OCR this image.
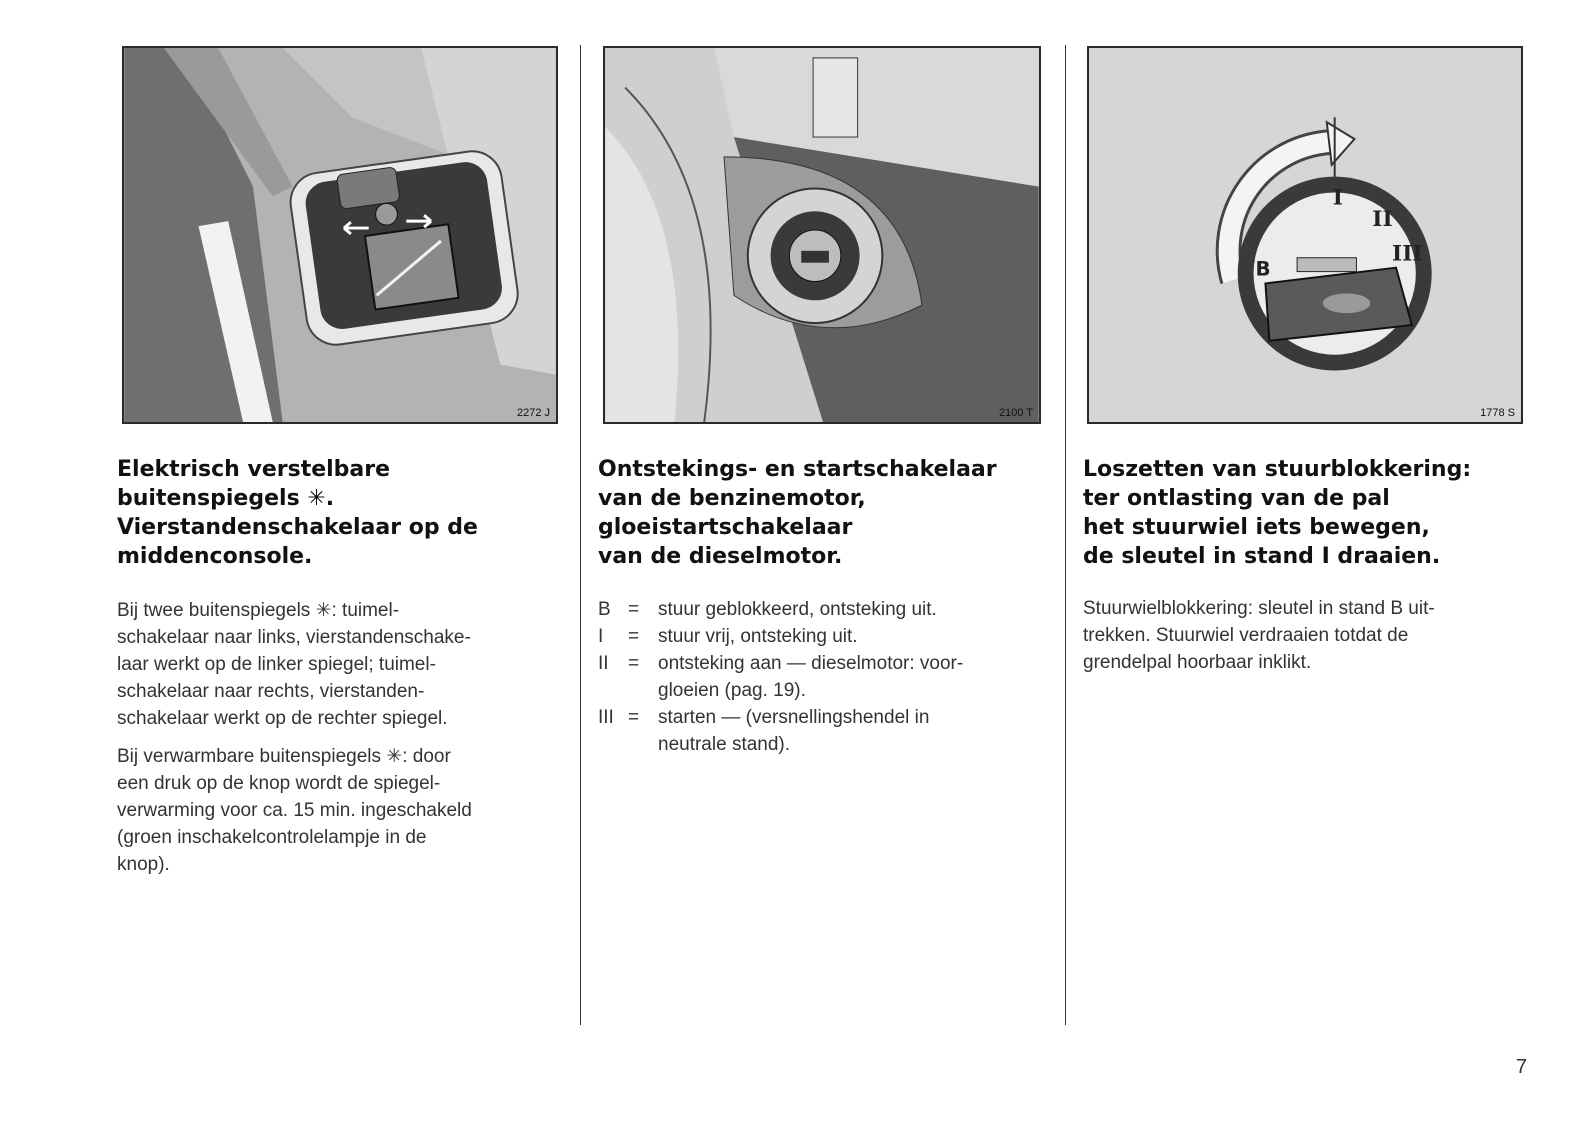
2272 J	2100 T
I
II
III
B
1778 S
Elektrisch verstelbare
buitenspiegels ✳.
Vierstandenschakelaar op de
middenconsole.

Bij twee buitenspiegels ✳: tuimel-
schakelaar naar links, vierstandenschake-
laar werkt op de linker spiegel; tuimel-
schakelaar naar rechts, vierstanden-
schakelaar werkt op de rechter spiegel.

Bij verwarmbare buitenspiegels ✳: door
een druk op de knop wordt de spiegel-
verwarming voor ca. 15 min. ingeschakeld
(groen inschakelcontrolelampje in de
knop).

Ontstekings- en startschakelaar
van de benzinemotor,
gloeistartschakelaar
van de dieselmotor.
B = stuur geblokkeerd, ontsteking uit.
I	= stuur vrij, ontsteking uit.
II	= ontsteking aan — dieselmotor: voor-
gloeien (pag. 19).
III = starten — (versnellingshendel in
neutrale stand).
Loszetten van stuurblokkering:
ter ontlasting van de pal
het stuurwiel iets bewegen,
de sleutel in stand I draaien.

Stuurwielblokkering: sleutel in stand B uit-
trekken. Stuurwiel verdraaien totdat de
grendelpal hoorbaar inklikt.

7
